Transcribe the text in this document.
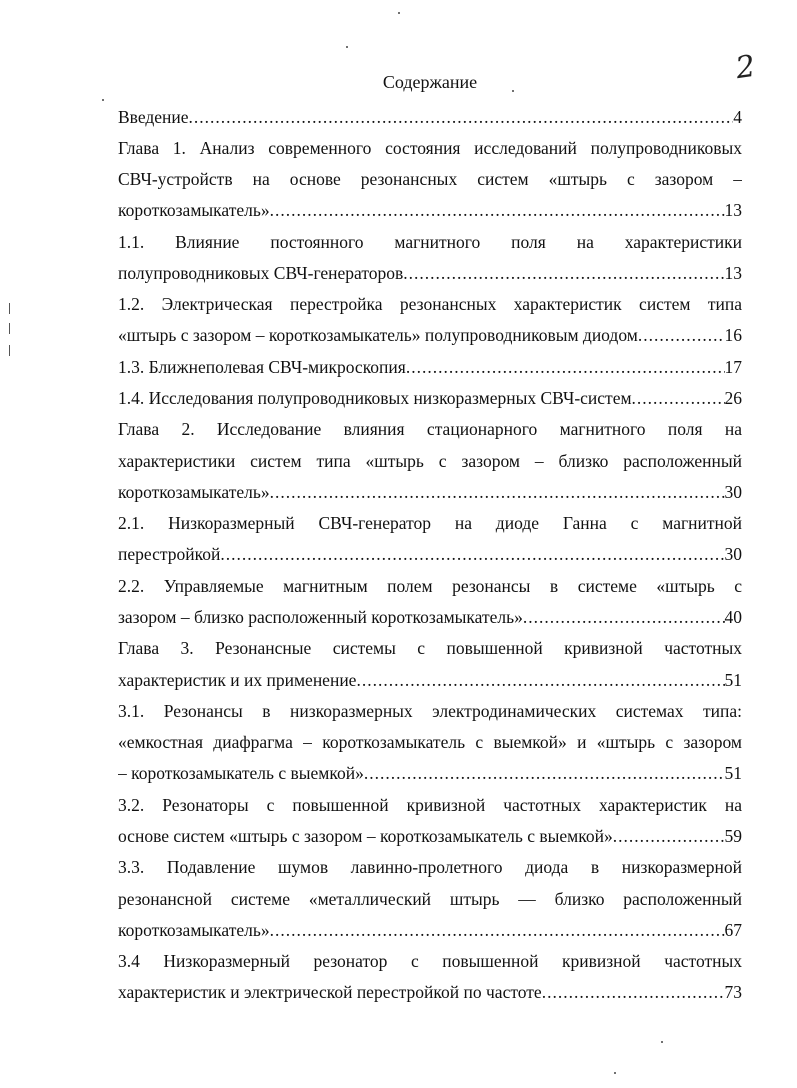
2
Содержание
Введение .....	4
Глава 1. Анализ современного состояния исследований полупроводниковых
СВЧ-устройств на основе резонансных систем «штырь с зазором –
короткозамыкатель» .....	13
1.1. Влияние постоянного магнитного поля на характеристики
полупроводниковых СВЧ-генераторов .....	13
1.2. Электрическая перестройка резонансных характеристик систем типа
«штырь с зазором – короткозамыкатель» полупроводниковым диодом .....	16
1.3. Ближнеполевая СВЧ-микроскопия .....	17
1.4. Исследования полупроводниковых низкоразмерных СВЧ-систем .....	26
Глава 2. Исследование влияния стационарного магнитного поля на
характеристики систем типа «штырь с зазором – близко расположенный
короткозамыкатель» .....	30
2.1. Низкоразмерный СВЧ-генератор на диоде Ганна с магнитной
перестройкой .....	30
2.2. Управляемые магнитным полем резонансы в системе «штырь с
зазором – близко расположенный короткозамыкатель» .....	40
Глава 3. Резонансные системы с повышенной кривизной частотных
характеристик и их применение .....	51
3.1. Резонансы в низкоразмерных электродинамических системах типа:
«емкостная диафрагма – короткозамыкатель с выемкой» и «штырь с зазором
– короткозамыкатель с выемкой» .....	51
3.2. Резонаторы с повышенной кривизной частотных характеристик на
основе систем «штырь с зазором – короткозамыкатель с выемкой» .....	59
3.3. Подавление шумов лавинно-пролетного диода в низкоразмерной
резонансной системе «металлический штырь — близко расположенный
короткозамыкатель» .....	67
3.4 Низкоразмерный резонатор с повышенной кривизной частотных
характеристик и электрической перестройкой по частоте .....	73
